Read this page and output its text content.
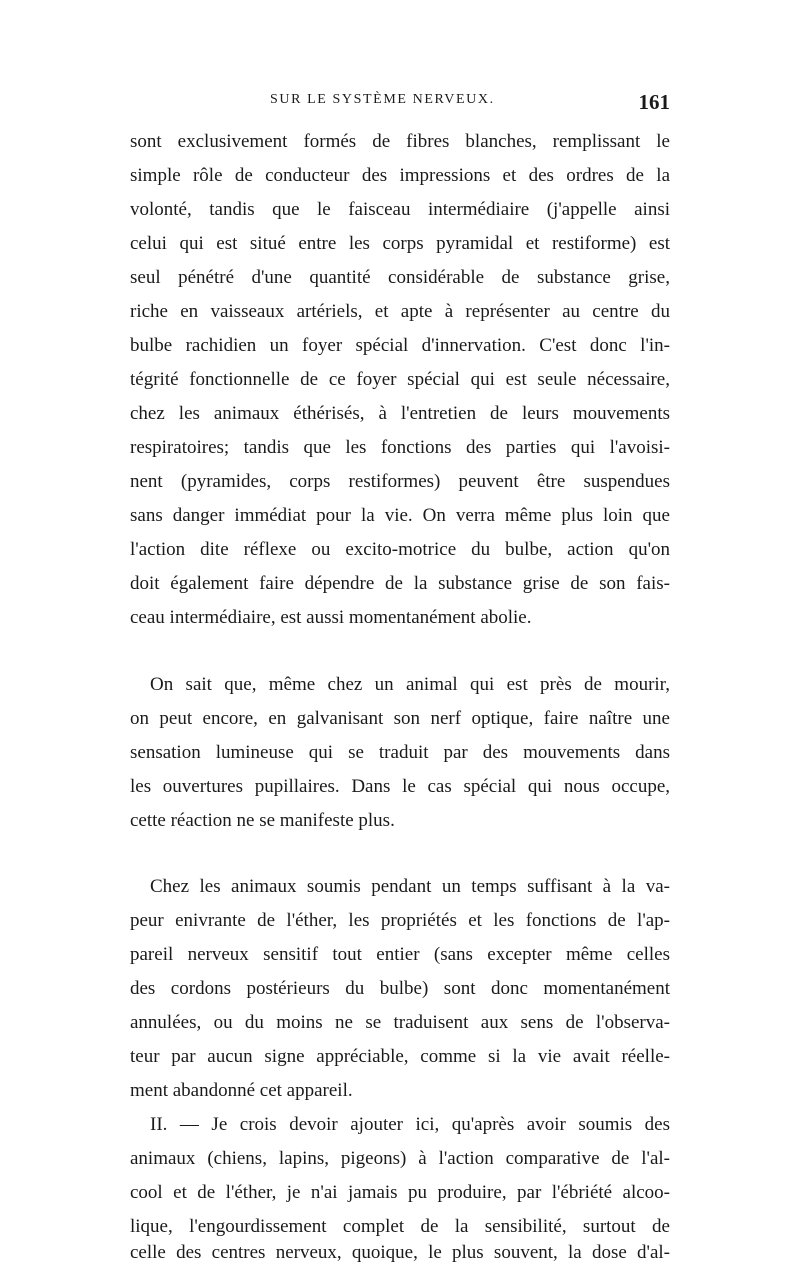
SUR LE SYSTÈME NERVEUX.	161
sont exclusivement formés de fibres blanches, remplissant le
simple rôle de conducteur des impressions et des ordres de la
volonté, tandis que le faisceau intermédiaire (j'appelle ainsi
celui qui est situé entre les corps pyramidal et restiforme) est
seul pénétré d'une quantité considérable de substance grise,
riche en vaisseaux artériels, et apte à représenter au centre du
bulbe rachidien un foyer spécial d'innervation. C'est donc l'in-
tégrité fonctionnelle de ce foyer spécial qui est seule nécessaire,
chez les animaux éthérisés, à l'entretien de leurs mouvements
respiratoires; tandis que les fonctions des parties qui l'avoisi-
nent (pyramides, corps restiformes) peuvent être suspendues
sans danger immédiat pour la vie. On verra même plus loin que
l'action dite réflexe ou excito-motrice du bulbe, action qu'on
doit également faire dépendre de la substance grise de son fais-
ceau intermédiaire, est aussi momentanément abolie.
On sait que, même chez un animal qui est près de mourir,
on peut encore, en galvanisant son nerf optique, faire naître une
sensation lumineuse qui se traduit par des mouvements dans
les ouvertures pupillaires. Dans le cas spécial qui nous occupe,
cette réaction ne se manifeste plus.
Chez les animaux soumis pendant un temps suffisant à la va-
peur enivrante de l'éther, les propriétés et les fonctions de l'ap-
pareil nerveux sensitif tout entier (sans excepter même celles
des cordons postérieurs du bulbe) sont donc momentanément
annulées, ou du moins ne se traduisent aux sens de l'observa-
teur par aucun signe appréciable, comme si la vie avait réelle-
ment abandonné cet appareil.
II. — Je crois devoir ajouter ici, qu'après avoir soumis des
animaux (chiens, lapins, pigeons) à l'action comparative de l'al-
cool et de l'éther, je n'ai jamais pu produire, par l'ébriété alcoo-
lique, l'engourdissement complet de la sensibilité, surtout de
celle des centres nerveux, quoique, le plus souvent, la dose d'al-
